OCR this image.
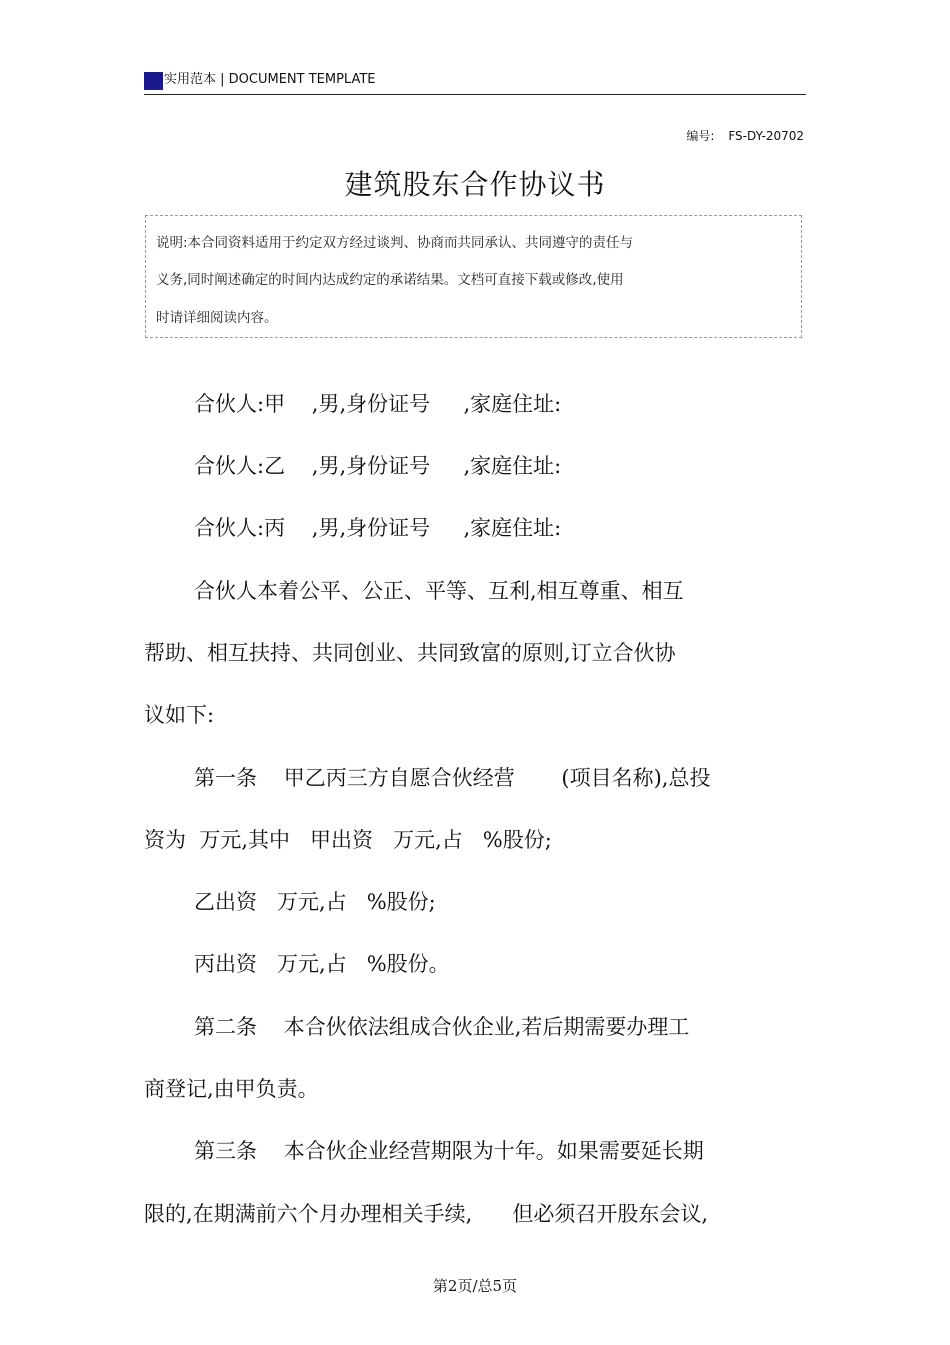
实用范本 | DOCUMENT TEMPLATE
编号: FS-DY-20702
建筑股东合作协议书
说明:本合同资料适用于约定双方经过谈判、协商而共同承认、共同遵守的责任与
义务,同时阐述确定的时间内达成约定的承诺结果。文档可直接下载或修改,使用
时请详细阅读内容。
合伙人:甲    ,男,身份证号     ,家庭住址:
合伙人:乙    ,男,身份证号     ,家庭住址:
合伙人:丙    ,男,身份证号     ,家庭住址:
合伙人本着公平、公正、平等、互利,相互尊重、相互
帮助、相互扶持、共同创业、共同致富的原则,订立合伙协
议如下:
第一条    甲乙丙三方自愿合伙经营       (项目名称),总投
资为  万元,其中   甲出资   万元,占   %股份;
乙出资   万元,占   %股份;
丙出资   万元,占   %股份。
第二条    本合伙依法组成合伙企业,若后期需要办理工
商登记,由甲负责。
第三条    本合伙企业经营期限为十年。如果需要延长期
限的,在期满前六个月办理相关手续,      但必须召开股东会议,
第2页/总5页
